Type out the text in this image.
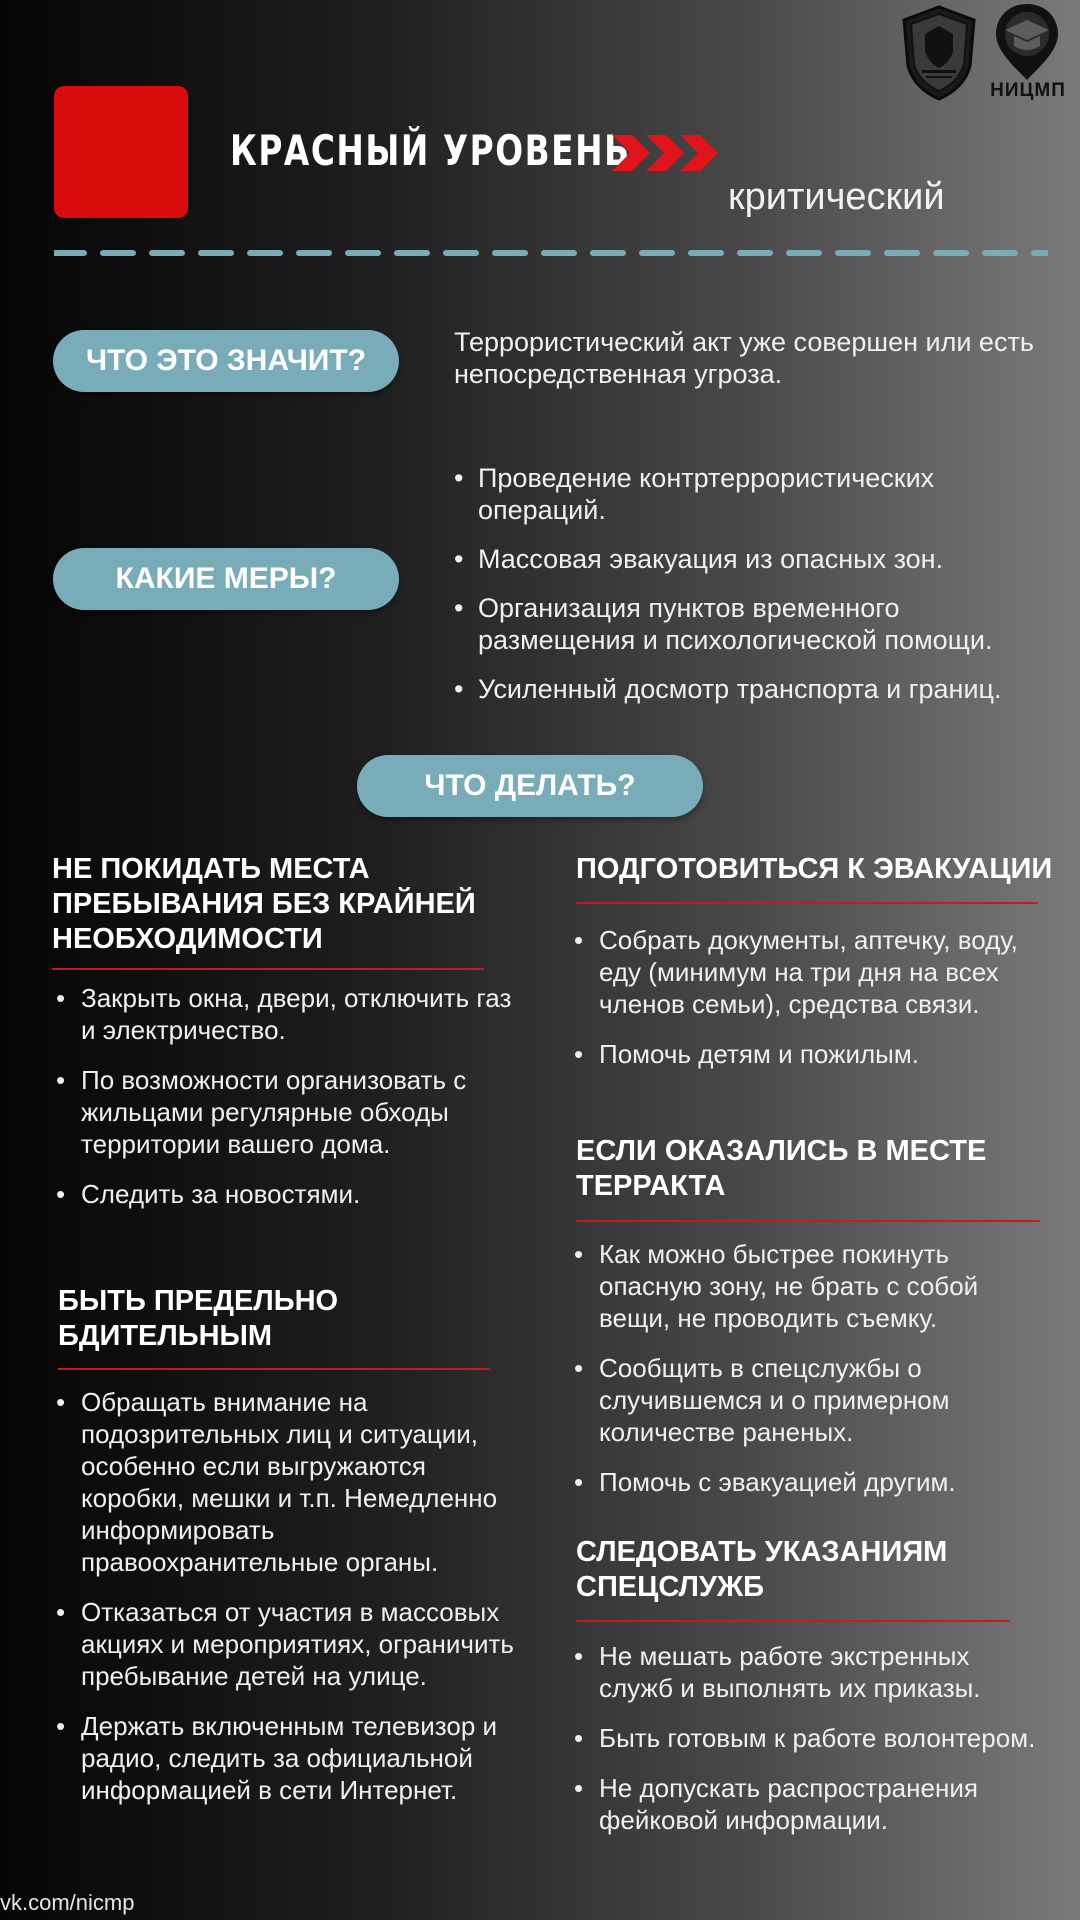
НИЦМП
КРАСНЫЙ УРОВЕНЬ
критический
ЧТО ЭТО ЗНАЧИТ?
Террористический акт уже совершен или есть непосредственная угроза.
КАКИЕ МЕРЫ?
• Проведение контртеррористических операций.
• Массовая эвакуация из опасных зон.
• Организация пунктов временного размещения и психологической помощи.
• Усиленный досмотр транспорта и границ.
ЧТО ДЕЛАТЬ?
НЕ ПОКИДАТЬ МЕСТА ПРЕБЫВАНИЯ БЕЗ КРАЙНЕЙ НЕОБХОДИМОСТИ
• Закрыть окна, двери, отключить газ и электричество.
• По возможности организовать с жильцами регулярные обходы территории вашего дома.
• Следить за новостями.
БЫТЬ ПРЕДЕЛЬНО БДИТЕЛЬНЫМ
• Обращать внимание на подозрительных лиц и ситуации, особенно если выгружаются коробки, мешки и т.п. Немедленно информировать правоохранительные органы.
• Отказаться от участия в массовых акциях и мероприятиях, ограничить пребывание детей на улице.
• Держать включенным телевизор и радио, следить за официальной информацией в сети Интернет.
ПОДГОТОВИТЬСЯ К ЭВАКУАЦИИ
• Собрать документы, аптечку, воду, еду (минимум на три дня на всех членов семьи), средства связи.
• Помочь детям и пожилым.
ЕСЛИ ОКАЗАЛИСЬ В МЕСТЕ ТЕРРАКТА
• Как можно быстрее покинуть опасную зону, не брать с собой вещи, не проводить съемку.
• Сообщить в спецслужбы о случившемся и о примерном количестве раненых.
• Помочь с эвакуацией другим.
СЛЕДОВАТЬ УКАЗАНИЯМ СПЕЦСЛУЖБ
• Не мешать работе экстренных служб и выполнять их приказы.
• Быть готовым к работе волонтером.
• Не допускать распространения фейковой информации.
vk.com/nicmp
